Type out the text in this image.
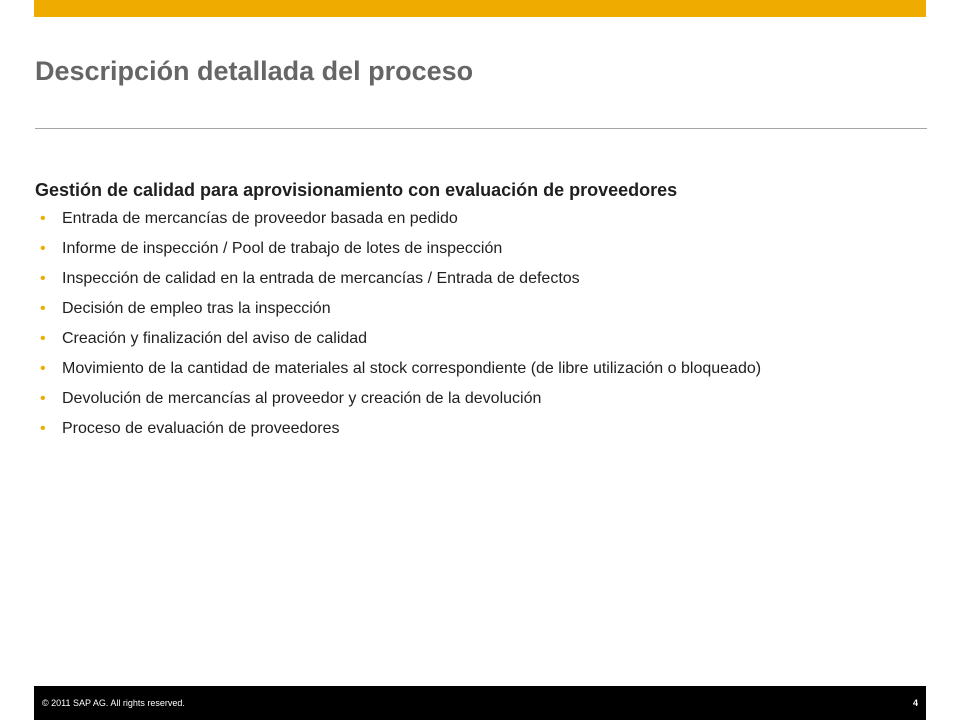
Descripción detallada del proceso
Gestión de calidad para aprovisionamiento con evaluación de proveedores
• Entrada de mercancías de proveedor basada en pedido
• Informe de inspección / Pool de trabajo de lotes de inspección
• Inspección de calidad en la entrada de mercancías / Entrada de defectos
• Decisión de empleo tras la inspección
• Creación y finalización del aviso de calidad
• Movimiento de la cantidad de materiales al stock correspondiente (de libre utilización o bloqueado)
• Devolución de mercancías al proveedor y creación de la devolución
• Proceso de evaluación de proveedores
© 2011 SAP AG. All rights reserved.	4
